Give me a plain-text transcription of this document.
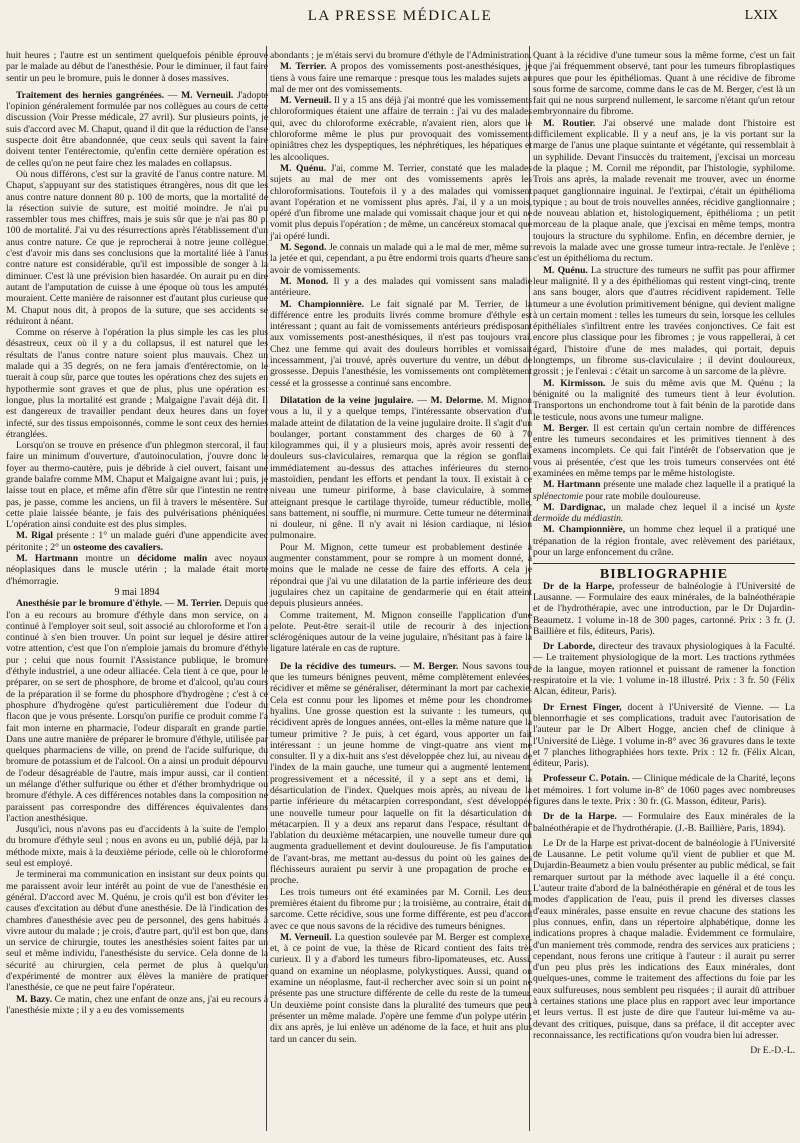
LA PRESSE MÉDICALE	LXIX

huit heures ; l'autre est un sentiment quelquefois pénible éprouvé par le malade au début de l'anesthésie. Pour le diminuer, il faut faire sentir un peu le bromure, puis le donner à doses massives.

Traitement des hernies gangrénées. — M. Verneuil. J'adopte l'opinion généralement formulée par nos collègues au cours de cette discussion (Voir Presse médicale, 27 avril). Sur plusieurs points, je suis d'accord avec M. Chaput, quand il dit que la réduction de l'anse suspecte doit être abandonnée, que ceux seuls qui savent la faire doivent tenter l'entérectomie, qu'enfin cette dernière opération est de celles qu'on ne peut faire chez les malades en collapsus.

Où nous différons, c'est sur la gravité de l'anus contre nature. M. Chaput, s'appuyant sur des statistiques étrangères, nous dit que les anus contre nature donnent 80 p. 100 de morts, que la mortalité de la résection suivie de suture, est moitié moindre. Je n'ai pu rassembler tous mes chiffres, mais je suis sûr que je n'ai pas 80 p. 100 de mortalité. J'ai vu des résurrections après l'établissement d'un anus contre nature. Ce que je reprocherai à notre jeune collègue, c'est d'avoir mis dans ses conclusions que la mortalité liée à l'anus contre nature est considérable, qu'il est impossible de songer à la diminuer. C'est là une prévision bien hasardée. On aurait pu en dire autant de l'amputation de cuisse à une époque où tous les amputés mouraient. Cette manière de raisonner est d'autant plus curieuse que M. Chaput nous dit, à propos de la suture, que ses accidents se réduiront à néant.

Comme on réserve à l'opération la plus simple les cas les plus désastreux, ceux où il y a du collapsus, il est naturel que les résultats de l'anus contre nature soient plus mauvais. Chez un malade qui a 35 degrés, on ne fera jamais d'entérectomie, on le tuerait à coup sûr, parce que toutes les opérations chez des sujets en hypothermie sont graves et que de plus, plus une opération est longue, plus la mortalité est grande ; Malgaigne l'avait déjà dit. Il est dangereux de travailler pendant deux heures dans un foyer infecté, sur des tissus empoisonnés, comme le sont ceux des hernies étranglées.

Lorsqu'on se trouve en présence d'un phlegmon stercoral, il faut faire un minimum d'ouverture, d'autoinoculation, j'ouvre donc le foyer au thermo-cautère, puis je débride à ciel ouvert, faisant une grande balafre comme MM. Chaput et Malgaigne avant lui ; puis, je laisse tout en place, et même afin d'être sûr que l'intestin ne rentre pas, je passe, comme les anciens, un fil à travers le mésentère. Sur cette plaie laissée béante, je fais des pulvérisations phéniquées. L'opération ainsi conduite est des plus simples.

M. Rigal présente : 1° un malade guéri d'une appendicite avec péritonite ; 2° un osteome des cavaliers.

M. Hartmann montre un décidome malin avec noyaux néoplasiques dans le muscle utérin ; la malade était morte d'hémorragie.

9 mai 1894

Anesthésie par le bromure d'éthyle. — M. Terrier. Depuis que l'on a eu recours au bromure d'éthyle dans mon service, on a continué à l'employer soit seul, soit associé au chloroforme et l'on a continué à s'en bien trouver. Un point sur lequel je désire attirer votre attention, c'est que l'on n'emploie jamais du bromure d'éthyle pur ; celui que nous fournit l'Assistance publique, le bromure d'éthyle industriel, a une odeur alliacée. Cela tient à ce que, pour le préparer, on se sert de phosphore, de brome et d'alcool, qu'au cours de la préparation il se forme du phosphore d'hydrogène ; c'est à ce phosphure d'hydrogène qu'est particulièrement due l'odeur du flacon que je vous présente. Lorsqu'on purifie ce produit comme l'a fait mon interne en pharmacie, l'odeur disparaît en grande partie. Dans une autre manière de préparer le bromure d'éthyle, utilisée par quelques pharmaciens de ville, on prend de l'acide sulfurique, du bromure de potassium et de l'alcool. On a ainsi un produit dépourvu de l'odeur désagréable de l'autre, mais impur aussi, car il contient un mélange d'éther sulfurique ou éther et d'éther bromhydrique ou bromure d'éthyle. A ces différences notables dans la composition ne paraissent pas correspondre des différences équivalentes dans l'action anesthésique.

Jusqu'ici, nous n'avons pas eu d'accidents à la suite de l'emploi du bromure d'éthyle seul ; nous en avons eu un, publié déjà, par la méthode mixte, mais à la deuxième période, celle où le chloroforme seul est employé.

Je terminerai ma communication en insistant sur deux points qui me paraissent avoir leur intérêt au point de vue de l'anesthésie en général. D'accord avec M. Quénu, je crois qu'il est bon d'éviter les causes d'excitation au début d'une anesthésie. De là l'indication des chambres d'anesthésie avec peu de personnel, des gens habitués à vivre autour du malade ; je crois, d'autre part, qu'il est bon que, dans un service de chirurgie, toutes les anesthésies soient faites par un seul et même individu, l'anesthésiste du service. Cela donne de la sécurité au chirurgien, cela permet de plus à quelqu'un d'expérimenté de montrer aux élèves la manière de pratiquer l'anesthésie, ce que ne peut faire l'opérateur.

M. Bazy. Ce matin, chez une enfant de onze ans, j'ai eu recours à l'anesthésie mixte ; il y a eu des vomissements

abondants ; je m'étais servi du bromure d'éthyle de l'Administration.

M. Terrier. A propos des vomissements post-anesthésiques, je tiens à vous faire une remarque : presque tous les malades sujets au mal de mer ont des vomissements.

M. Verneuil. Il y a 15 ans déjà j'ai montré que les vomissements chloroformiques étaient une affaire de terrain : j'ai vu des malades qui, avec du chloroforme exécrable, n'avaient rien, alors que le chloroforme même le plus pur provoquait des vomissements opiniâtres chez les dyspeptiques, les néphrétiques, les hépatiques et les alcooliques.

M. Quénu. J'ai, comme M. Terrier, constaté que les malades sujets au mal de mer ont des vomissements après les chloroformisations. Toutefois il y a des malades qui vomissent avant l'opération et ne vomissent plus après. J'ai, il y a un mois, opéré d'un fibrome une malade qui vomissait chaque jour et qui ne vomit plus depuis l'opération ; de même, un cancéreux stomacal que j'ai opéré lundi.

M. Segond. Je connais un malade qui a le mal de mer, même sur la jetée et qui, cependant, a pu être endormi trois quarts d'heure sans avoir de vomissements.

M. Monod. Il y a des malades qui vomissent sans maladie antérieure.

M. Championnière. Le fait signalé par M. Terrier, de la différence entre les produits livrés comme bromure d'éthyle est intéressant ; quant au fait de vomissements antérieurs prédisposant aux vomissements post-anesthésiques, il n'est pas toujours vrai. Chez une femme qui avait des douleurs horribles et vomissait incessamment, j'ai trouvé, après ouverture du ventre, un début de grossesse. Depuis l'anesthésie, les vomissements ont complètement cessé et la grossesse a continué sans encombre.

Dilatation de la veine jugulaire. — M. Delorme. M. Mignon vous a lu, il y a quelque temps, l'intéressante observation d'un malade atteint de dilatation de la veine jugulaire droite. Il s'agit d'un boulanger, portant constamment des charges de 60 à 70 kilogrammes qui, il y a plusieurs mois, après avoir ressenti des douleurs sus-claviculaires, remarqua que la région se gonflait immédiatement au-dessus des attaches inférieures du sterno-mastoïdien, pendant les efforts et pendant la toux. Il existait à ce niveau une tumeur piriforme, à base claviculaire, à sommet atteignant presque le cartilage thyroïde, tumeur réductible, molle, sans battement, ni souffle, ni murmure. Cette tumeur ne déterminait ni douleur, ni gêne. Il n'y avait ni lésion cardiaque, ni lésion pulmonaire.

Pour M. Mignon, cette tumeur est probablement destinée à augmenter constamment, pour se rompre à un moment donné, à moins que le malade ne cesse de faire des efforts. A cela je répondrai que j'ai vu une dilatation de la partie inférieure des deux jugulaires chez un capitaine de gendarmerie qui en était atteint depuis plusieurs années.

Comme traitement, M. Mignon conseille l'application d'une pelote. Peut-être serait-il utile de recourir à des injections sclérogéniques autour de la veine jugulaire, n'hésitant pas à faire la ligature latérale en cas de rupture.

De la récidive des tumeurs. — M. Berger. Nous savons tous que les tumeurs bénignes peuvent, même complètement enlevées, récidiver et même se généraliser, déterminant la mort par cachexie. Cela est connu pour les lipomes et même pour les chondromes hyalins. Une grosse question est la suivante : les tumeurs, qui récidivent après de longues années, ont-elles la même nature que la tumeur primitive ? Je puis, à cet égard, vous apporter un fait intéressant : un jeune homme de vingt-quatre ans vient me consulter. Il y a dix-huit ans s'est développée chez lui, au niveau de l'index de la main gauche, une tumeur qui a augmenté lentement, progressivement et a nécessité, il y a sept ans et demi, la désarticulation de l'index. Quelques mois après, au niveau de la partie inférieure du métacarpien correspondant, s'est développée une nouvelle tumeur pour laquelle on fit la désarticulation du métacarpien. Il y a deux ans reparut dans l'espace, résultant de l'ablation du deuxième métacarpien, une nouvelle tumeur dure qui augmenta graduellement et devint douloureuse. Je fis l'amputation de l'avant-bras, me mettant au-dessus du point où les gaines des fléchisseurs auraient pu servir à une propagation de proche en proche.

Les trois tumeurs ont été examinées par M. Cornil. Les deux premières étaient du fibrome pur ; la troisième, au contraire, était du sarcome. Cette récidive, sous une forme différente, est peu d'accord avec ce que nous savons de la récidive des tumeurs bénignes.

M. Verneuil. La question soulevée par M. Berger est complexe, et, à ce point de vue, la thèse de Ricard contient des faits très curieux. Il y a d'abord les tumeurs fibro-lipomateuses, etc. Aussi, quand on examine un néoplasme, polykystiques. Aussi, quand on examine un néoplasme, faut-il rechercher avec soin si un point ne présente pas une structure différente de celle du reste de la tumeur. Un deuxième point consiste dans la pluralité des tumeurs que peut présenter un même malade. J'opère une femme d'un polype utérin ; dix ans après, je lui enlève un adénome de la face, et huit ans plus tard un cancer du sein.

Quant à la récidive d'une tumeur sous la même forme, c'est un fait que j'ai fréquemment observé, tant pour les tumeurs fibroplastiques pures que pour les épithéliomas. Quant à une récidive de fibrome sous forme de sarcome, comme dans le cas de M. Berger, c'est là un fait qui ne nous surprend nullement, le sarcome n'étant qu'un retour embryonnaire du fibrome.

M. Routier. J'ai observé une malade dont l'histoire est difficilement explicable. Il y a neuf ans, je la vis portant sur la marge de l'anus une plaque suintante et végétante, qui ressemblait à un syphilide. Devant l'insuccès du traitement, j'excisai un morceau de la plaque ; M. Cornil me répondit, par l'histologie, syphilome. Trois ans après, la malade revenait me trouver, avec un énorme paquet ganglionnaire inguinal. Je l'extirpai, c'était un épithélioma typique ; au bout de trois nouvelles années, récidive ganglionnaire ; de nouveau ablation et, histologiquement, épithélioma ; un petit morceau de la plaque anale, que j'excisai en même temps, montra toujours la structure du syphilome. Enfin, en décembre dernier, je revois la malade avec une grosse tumeur intra-rectale. Je l'enlève ; c'est un épithélioma du rectum.

M. Quénu. La structure des tumeurs ne suffit pas pour affirmer leur malignité. Il y a des épithéliomas qui restent vingt-cinq, trente ans sans bouger, alors que d'autres récidivent rapidement. Telle tumeur a une évolution primitivement bénigne, qui devient maligne à un certain moment : telles les tumeurs du sein, lorsque les cellules épithéliales s'infiltrent entre les travées conjonctives. Ce fait est encore plus classique pour les fibromes ; je vous rappellerai, à cet égard, l'histoire d'une de mes malades, qui portait, depuis longtemps, un fibrome sus-claviculaire ; il devint douloureux, grossit ; je l'enlevai : c'était un sarcome à un sarcome de la plèvre.

M. Kirmisson. Je suis du même avis que M. Quénu ; la bénignité ou la malignité des tumeurs tient à leur évolution. Transportons un enchondrome tout à fait bénin de la parotide dans le testicule, nous avons une tumeur maligne.

M. Berger. Il est certain qu'un certain nombre de différences entre les tumeurs secondaires et les primitives tiennent à des examens incomplets. Ce qui fait l'intérêt de l'observation que je vous ai présentée, c'est que les trois tumeurs conservées ont été examinées en même temps par le même histologiste.

M. Hartmann présente une malade chez laquelle il a pratiqué la splénectomie pour rate mobile douloureuse.

M. Dardignac, un malade chez lequel il a incisé un kyste dermoïde du médiastin.

M. Championnière, un homme chez lequel il a pratiqué une trépanation de la région frontale, avec relèvement des pariétaux, pour un large enfoncement du crâne.

BIBLIOGRAPHIE

Dr de la Harpe, professeur de balnéologie à l'Université de Lausanne. — Formulaire des eaux minérales, de la balnéothérapie et de l'hydrothérapie, avec une introduction, par le Dr Dujardin-Beaumetz. 1 volume in-18 de 300 pages, cartonné. Prix : 3 fr. (J. Baillière et fils, éditeurs, Paris).

Dr Laborde, directeur des travaux physiologiques à la Faculté. — Le traitement physiologique de la mort. Les tractions rythmées de la langue, moyen rationnel et puissant de ramener la fonction respiratoire et la vie. 1 volume in-18 illustré. Prix : 3 fr. 50 (Félix Alcan, éditeur, Paris).

Dr Ernest Finger, docent à l'Université de Vienne. — La blennorrhagie et ses complications, traduit avec l'autorisation de l'auteur par le Dr Albert Hogge, ancien chef de clinique à l'Université de Liège. 1 volume in-8° avec 36 gravures dans le texte et 7 planches lithographiées hors texte. Prix : 12 fr. (Félix Alcan, éditeur, Paris).

Professeur C. Potain. — Clinique médicale de la Charité, leçons et mémoires. 1 fort volume in-8° de 1060 pages avec nombreuses figures dans le texte. Prix : 30 fr. (G. Masson, éditeur, Paris).

Dr de la Harpe. — Formulaire des Eaux minérales de la balnéothérapie et de l'hydrothérapie. (J.-B. Baillière, Paris, 1894).

Le Dr de la Harpe est privat-docent de balnéologie à l'Université de Lausanne. Le petit volume qu'il vient de publier et que M. Dujardin-Beaumetz a bien voulu présenter au public médical, se fait remarquer surtout par la méthode avec laquelle il a été conçu. L'auteur traite d'abord de la balnéothérapie en général et de tous les modes d'application de l'eau, puis il prend les diverses classes d'eaux minérales, passe ensuite en revue chacune des stations les plus connues, enfin, dans un répertoire alphabétique, donne les indications propres à chaque maladie. Évidemment ce formulaire, d'un maniement très commode, rendra des services aux praticiens ; cependant, nous ferons une critique à l'auteur : il aurait pu serrer d'un peu plus près les indications des Eaux minérales, dont quelques-unes, comme le traitement des affections du foie par les eaux sulfureuses, nous semblent peu risquées ; il aurait dû attribuer à certaines stations une place plus en rapport avec leur importance et leurs vertus. Il est juste de dire que l'auteur lui-même va au-devant des critiques, puisque, dans sa préface, il dit accepter avec reconnaissance, les rectifications qu'on voudra bien lui adresser.

Dr E.-D.-L.
